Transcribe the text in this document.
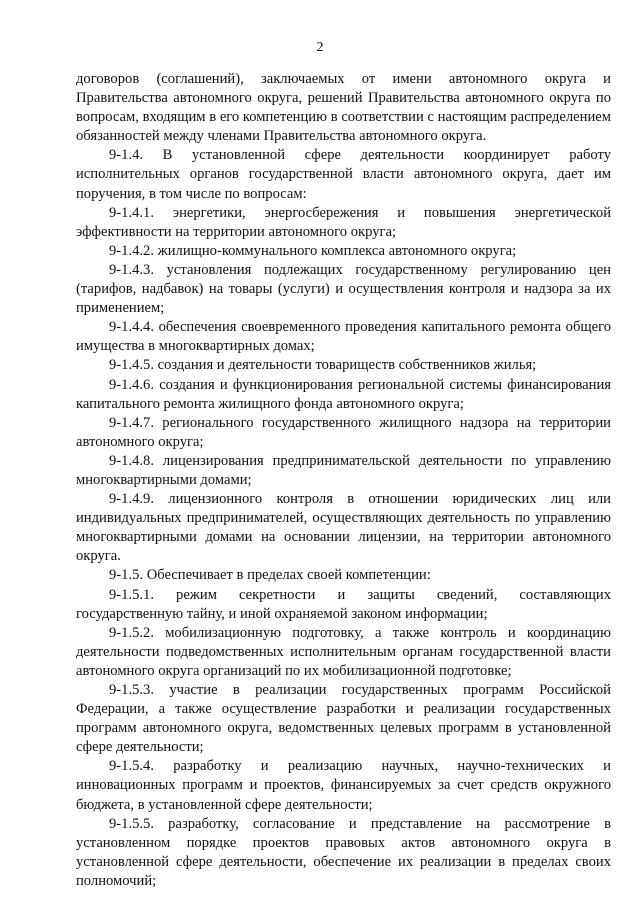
2

договоров (соглашений), заключаемых от имени автономного округа и Правительства автономного округа, решений Правительства автономного округа по вопросам, входящим в его компетенцию в соответствии с настоящим распределением обязанностей между членами Правительства автономного округа.

9-1.4. В установленной сфере деятельности координирует работу исполнительных органов государственной власти автономного округа, дает им поручения, в том числе по вопросам:

9-1.4.1. энергетики, энергосбережения и повышения энергетической эффективности на территории автономного округа;

9-1.4.2. жилищно-коммунального комплекса автономного округа;

9-1.4.3. установления подлежащих государственному регулированию цен (тарифов, надбавок) на товары (услуги) и осуществления контроля и надзора за их применением;

9-1.4.4. обеспечения своевременного проведения капитального ремонта общего имущества в многоквартирных домах;

9-1.4.5. создания и деятельности товариществ собственников жилья;

9-1.4.6. создания и функционирования региональной системы финансирования капитального ремонта жилищного фонда автономного округа;

9-1.4.7. регионального государственного жилищного надзора на территории автономного округа;

9-1.4.8. лицензирования предпринимательской деятельности по управлению многоквартирными домами;

9-1.4.9. лицензионного контроля в отношении юридических лиц или индивидуальных предпринимателей, осуществляющих деятельность по управлению многоквартирными домами на основании лицензии, на территории автономного округа.

9-1.5. Обеспечивает в пределах своей компетенции:

9-1.5.1. режим секретности и защиты сведений, составляющих государственную тайну, и иной охраняемой законом информации;

9-1.5.2. мобилизационную подготовку, а также контроль и координацию деятельности подведомственных исполнительным органам государственной власти автономного округа организаций по их мобилизационной подготовке;

9-1.5.3. участие в реализации государственных программ Российской Федерации, а также осуществление разработки и реализации государственных программ автономного округа, ведомственных целевых программ в установленной сфере деятельности;

9-1.5.4. разработку и реализацию научных, научно-технических и инновационных программ и проектов, финансируемых за счет средств окружного бюджета, в установленной сфере деятельности;

9-1.5.5. разработку, согласование и представление на рассмотрение в установленном порядке проектов правовых актов автономного округа в установленной сфере деятельности, обеспечение их реализации в пределах своих полномочий;
